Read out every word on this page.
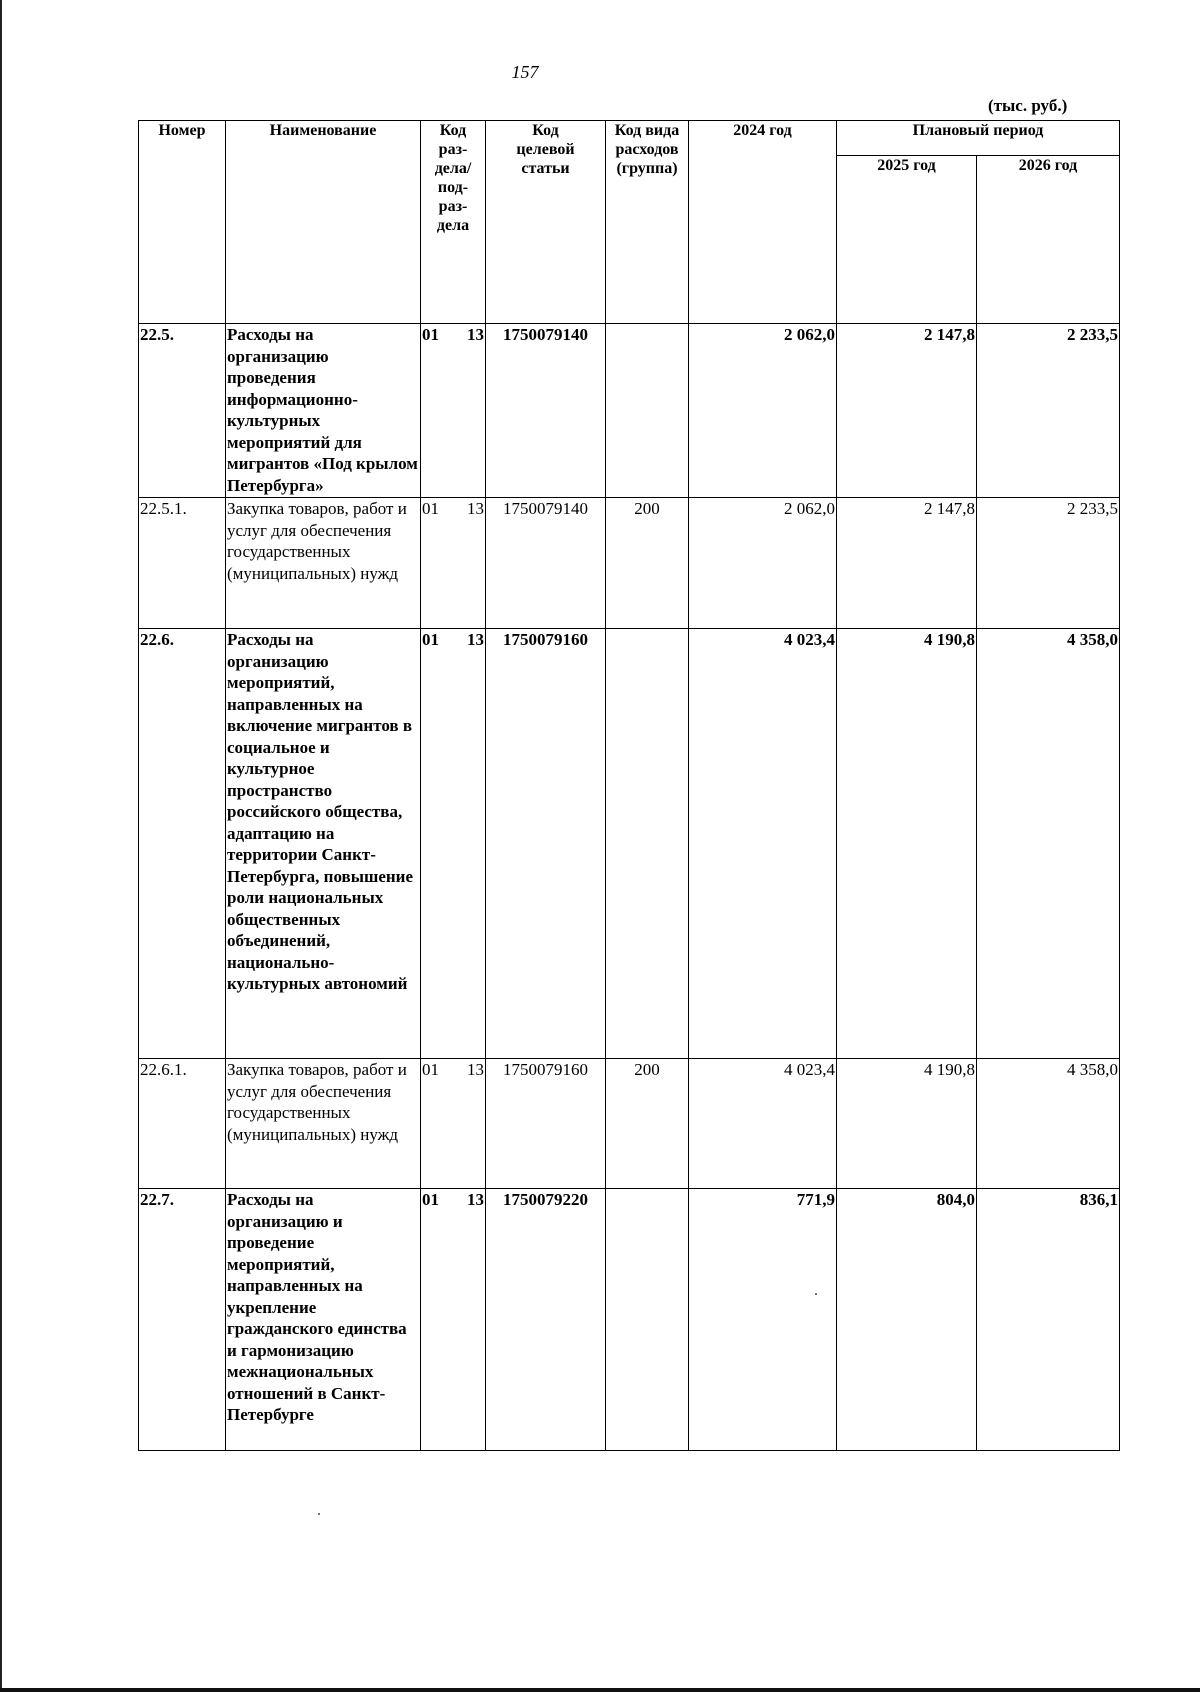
157
(тыс. руб.)
Номер	Наименование	Код раз- дела/ под- раз- дела	Код целевой статьи	Код вида расходов (группа)	2024 год	Плановый период	
						2025 год	2026 год
22.5.	Расходы на организацию проведения информационно-культурных мероприятий для мигрантов «Под крылом Петербурга»	01 13	1750079140		2 062,0	2 147,8	2 233,5
22.5.1.	Закупка товаров, работ и услуг для обеспечения государственных (муниципальных) нужд	01 13	1750079140	200	2 062,0	2 147,8	2 233,5
22.6.	Расходы на организацию мероприятий, направленных на включение мигрантов в социальное и культурное пространство российского общества, адаптацию на территории Санкт-Петербурга, повышение роли национальных общественных объединений, национально-культурных автономий	01 13	1750079160		4 023,4	4 190,8	4 358,0
22.6.1.	Закупка товаров, работ и услуг для обеспечения государственных (муниципальных) нужд	01 13	1750079160	200	4 023,4	4 190,8	4 358,0
22.7.	Расходы на организацию и проведение мероприятий, направленных на укрепление гражданского единства и гармонизацию межнациональных отношений в Санкт-Петербурге	01 13	1750079220		771,9	804,0	836,1
